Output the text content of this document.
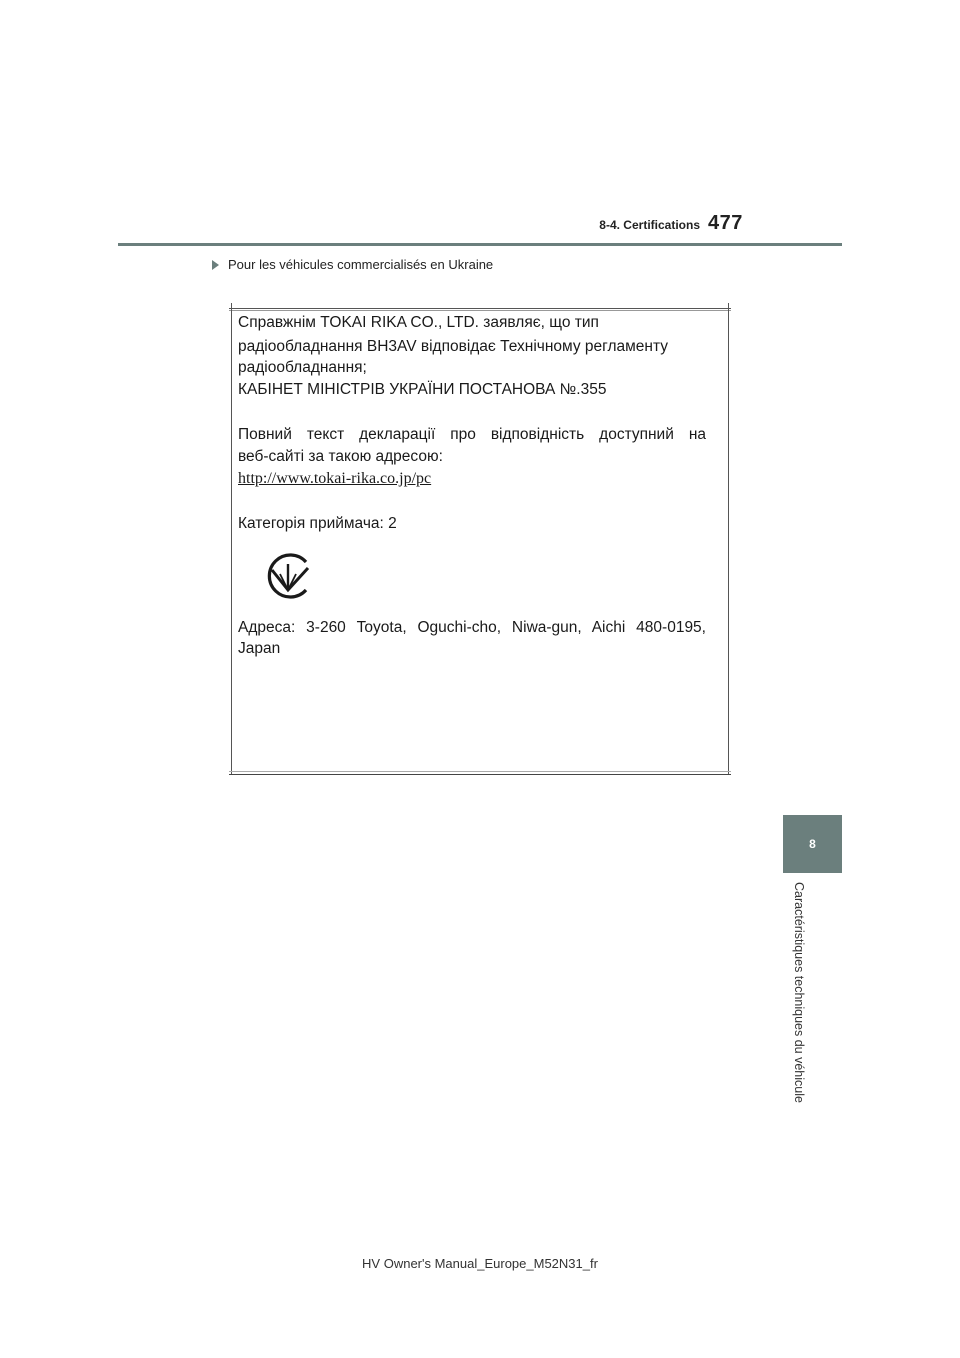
8-4. Certifications 477
Pour les véhicules commercialisés en Ukraine
Справжнім TOKAI RIKA CO., LTD. заявляє, що тип
радіообладнання BH3AV відповідає Технічному регламенту
радіообладнання;
КАБІНЕТ МІНІСТРІВ УКРАЇНИ ПОСТАНОВА №.355
Повний текст декларації про відповідність доступний на
веб-сайті за такою адресою:
http://www.tokai-rika.co.jp/pc
Категорія приймача: 2
Адреса: 3-260 Toyota, Oguchi-cho, Niwa-gun, Aichi 480-0195,
Japan
8
Caractéristiques techniques du véhicule
HV Owner's Manual_Europe_M52N31_fr
